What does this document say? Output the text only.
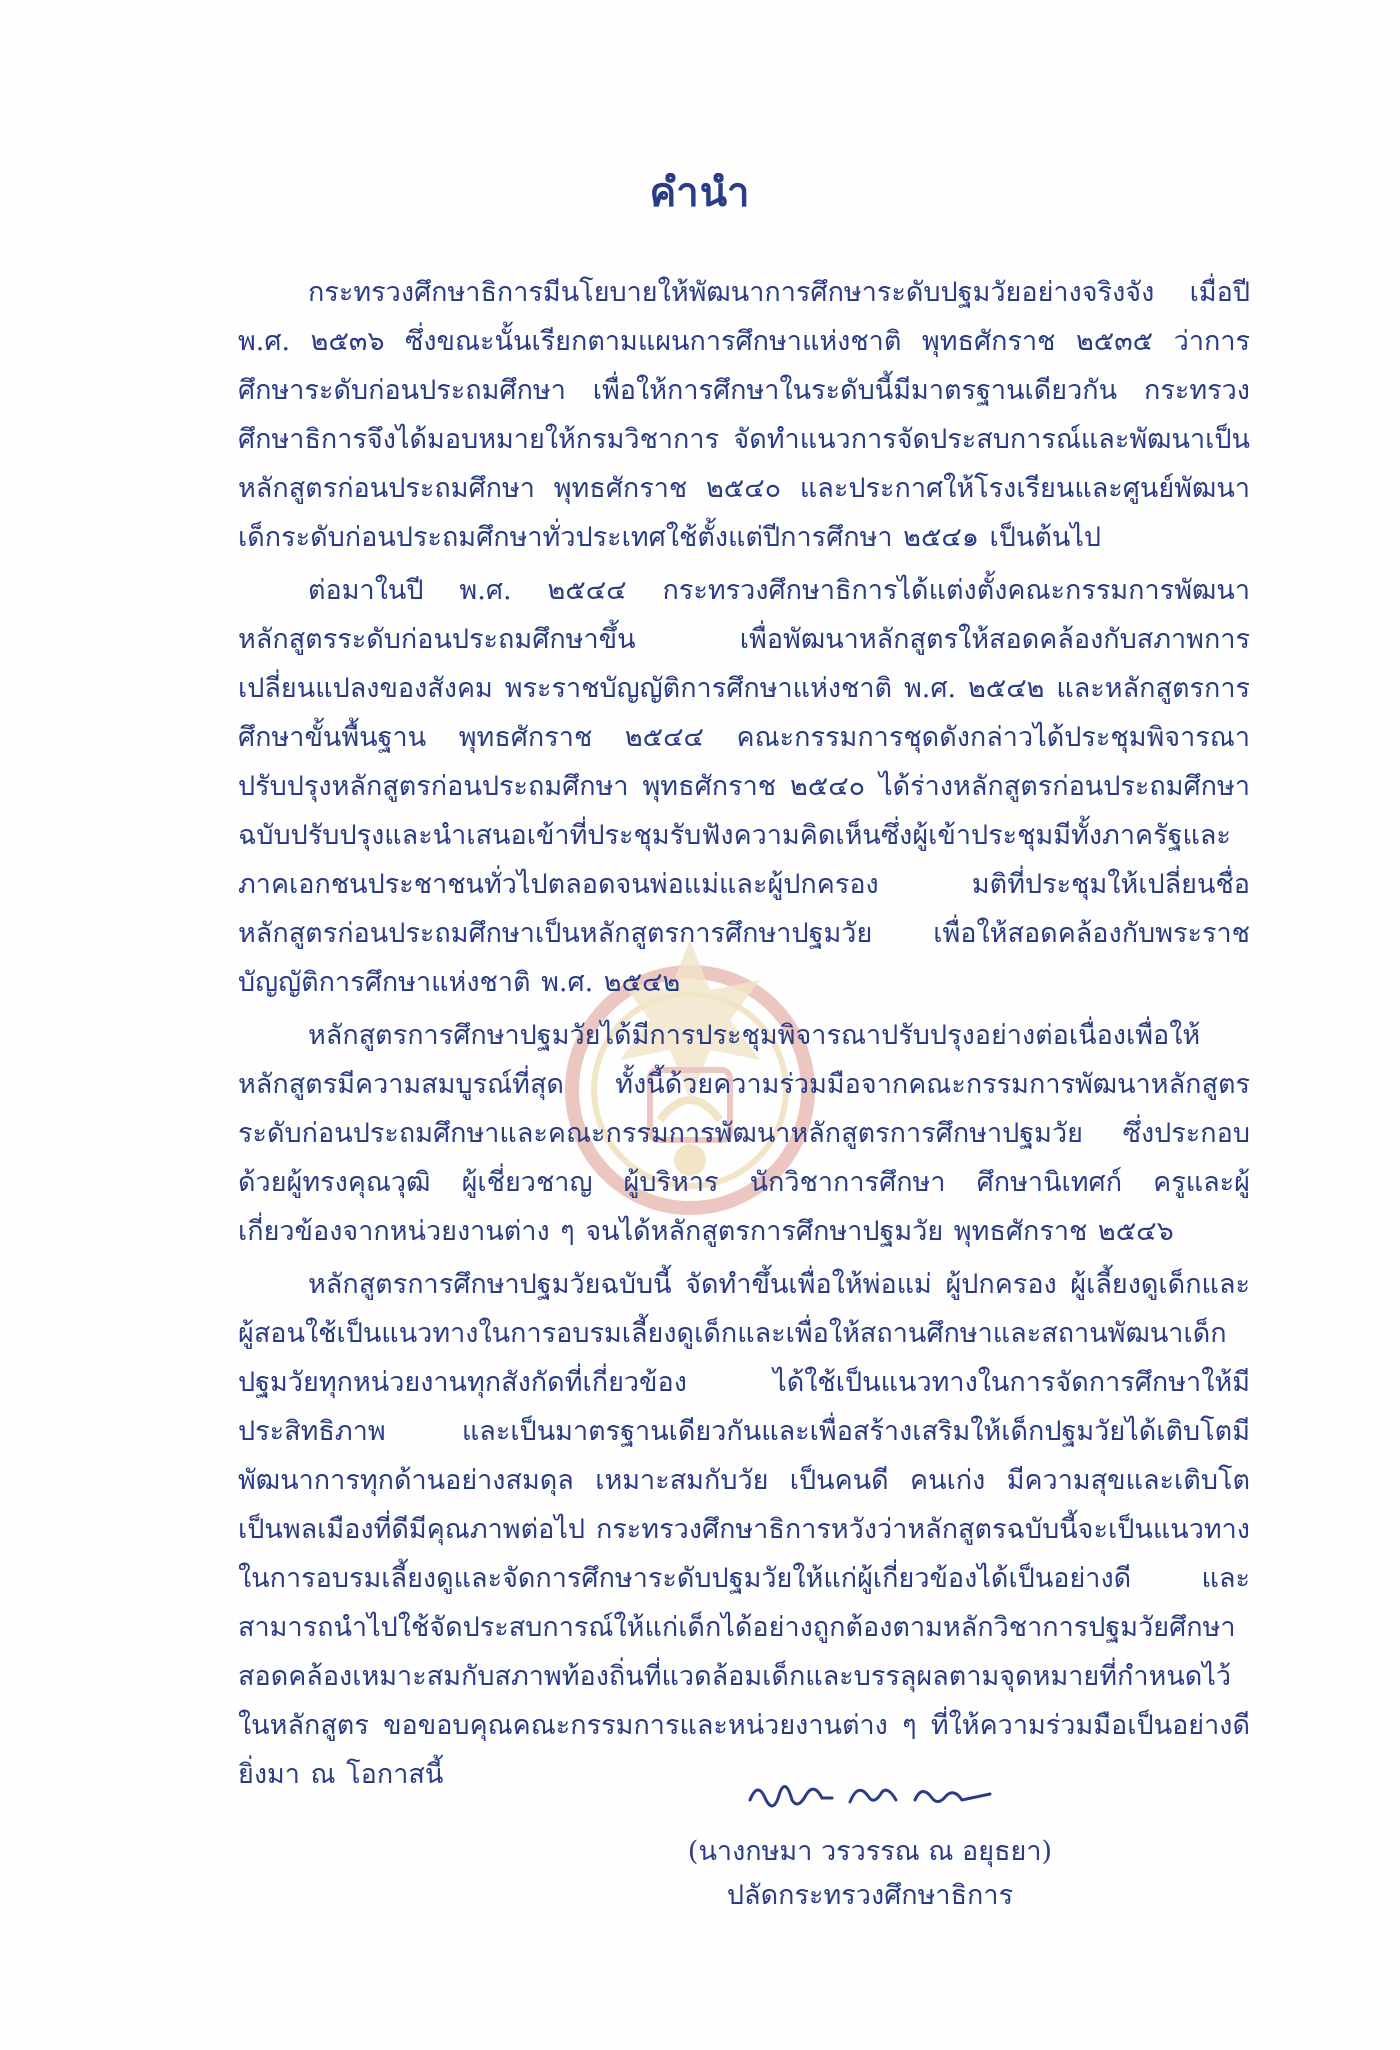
คำนำ

กระทรวงศึกษาธิการมีนโยบายให้พัฒนาการศึกษาระดับปฐมวัยอย่างจริงจัง เมื่อปี พ.ศ. ๒๕๓๖ ซึ่งขณะนั้นเรียกตามแผนการศึกษาแห่งชาติ พุทธศักราช ๒๕๓๕ ว่าการศึกษาระดับก่อนประถมศึกษา เพื่อให้การศึกษาในระดับนี้มีมาตรฐานเดียวกัน กระทรวงศึกษาธิการจึงได้มอบหมายให้กรมวิชาการ จัดทำแนวการจัดประสบการณ์และพัฒนาเป็นหลักสูตรก่อนประถมศึกษา พุทธศักราช ๒๕๔๐ และประกาศให้โรงเรียนและศูนย์พัฒนาเด็กระดับก่อนประถมศึกษาทั่วประเทศใช้ตั้งแต่ปีการศึกษา ๒๕๔๑ เป็นต้นไป

ต่อมาในปี พ.ศ. ๒๕๔๔ กระทรวงศึกษาธิการได้แต่งตั้งคณะกรรมการพัฒนาหลักสูตรระดับก่อนประถมศึกษาขึ้น เพื่อพัฒนาหลักสูตรให้สอดคล้องกับสภาพการเปลี่ยนแปลงของสังคม พระราชบัญญัติการศึกษาแห่งชาติ พ.ศ. ๒๕๔๒ และหลักสูตรการศึกษาขั้นพื้นฐาน พุทธศักราช ๒๕๔๔ คณะกรรมการชุดดังกล่าวได้ประชุมพิจารณาปรับปรุงหลักสูตรก่อนประถมศึกษา พุทธศักราช ๒๕๔๐ ได้ร่างหลักสูตรก่อนประถมศึกษาฉบับปรับปรุงและนำเสนอเข้าที่ประชุมรับฟังความคิดเห็นซึ่งผู้เข้าประชุมมีทั้งภาครัฐและภาคเอกชนประชาชนทั่วไปตลอดจนพ่อแม่และผู้ปกครอง มติที่ประชุมให้เปลี่ยนชื่อหลักสูตรก่อนประถมศึกษาเป็นหลักสูตรการศึกษาปฐมวัย เพื่อให้สอดคล้องกับพระราชบัญญัติการศึกษาแห่งชาติ พ.ศ. ๒๕๔๒

หลักสูตรการศึกษาปฐมวัยได้มีการประชุมพิจารณาปรับปรุงอย่างต่อเนื่องเพื่อให้หลักสูตรมีความสมบูรณ์ที่สุด ทั้งนี้ด้วยความร่วมมือจากคณะกรรมการพัฒนาหลักสูตรระดับก่อนประถมศึกษาและคณะกรรมการพัฒนาหลักสูตรการศึกษาปฐมวัย ซึ่งประกอบด้วยผู้ทรงคุณวุฒิ ผู้เชี่ยวชาญ ผู้บริหาร นักวิชาการศึกษา ศึกษานิเทศก์ ครูและผู้เกี่ยวข้องจากหน่วยงานต่าง ๆ จนได้หลักสูตรการศึกษาปฐมวัย พุทธศักราช ๒๕๔๖

หลักสูตรการศึกษาปฐมวัยฉบับนี้ จัดทำขึ้นเพื่อให้พ่อแม่ ผู้ปกครอง ผู้เลี้ยงดูเด็กและผู้สอนใช้เป็นแนวทางในการอบรมเลี้ยงดูเด็กและเพื่อให้สถานศึกษาและสถานพัฒนาเด็กปฐมวัยทุกหน่วยงานทุกสังกัดที่เกี่ยวข้อง ได้ใช้เป็นแนวทางในการจัดการศึกษาให้มีประสิทธิภาพ และเป็นมาตรฐานเดียวกันและเพื่อสร้างเสริมให้เด็กปฐมวัยได้เติบโตมีพัฒนาการทุกด้านอย่างสมดุล เหมาะสมกับวัย เป็นคนดี คนเก่ง มีความสุขและเติบโตเป็นพลเมืองที่ดีมีคุณภาพต่อไป กระทรวงศึกษาธิการหวังว่าหลักสูตรฉบับนี้จะเป็นแนวทางในการอบรมเลี้ยงดูและจัดการศึกษาระดับปฐมวัยให้แก่ผู้เกี่ยวข้องได้เป็นอย่างดี และสามารถนำไปใช้จัดประสบการณ์ให้แก่เด็กได้อย่างถูกต้องตามหลักวิชาการปฐมวัยศึกษา สอดคล้องเหมาะสมกับสภาพท้องถิ่นที่แวดล้อมเด็กและบรรลุผลตามจุดหมายที่กำหนดไว้ในหลักสูตร ขอขอบคุณคณะกรรมการและหน่วยงานต่าง ๆ ที่ให้ความร่วมมือเป็นอย่างดียิ่งมา ณ โอกาสนี้

(นางกษมา วรวรรณ ณ อยุธยา)
ปลัดกระทรวงศึกษาธิการ
